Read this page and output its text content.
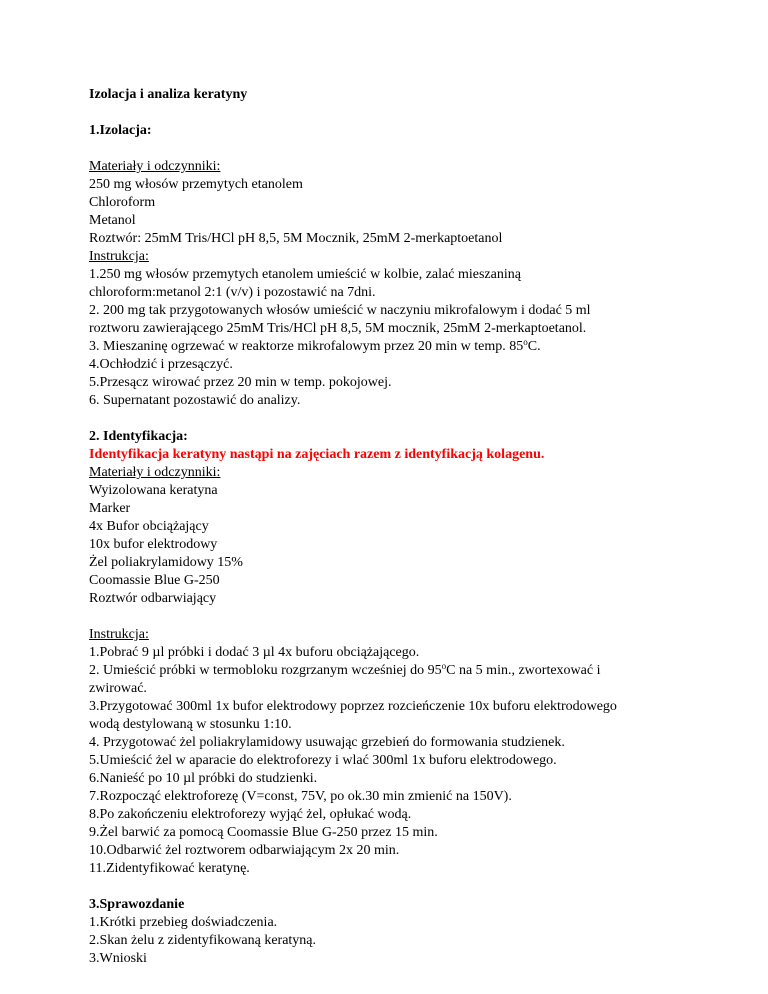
Izolacja i analiza keratyny
1.Izolacja:
Materiały i odczynniki:
250 mg włosów przemytych etanolem
Chloroform
Metanol
Roztwór: 25mM Tris/HCl pH 8,5, 5M Mocznik, 25mM 2-merkaptoetanol
Instrukcja:
1.250 mg włosów przemytych etanolem umieścić w kolbie, zalać mieszaniną
chloroform:metanol 2:1 (v/v) i pozostawić na 7dni.
2. 200 mg tak przygotowanych włosów umieścić w naczyniu mikrofalowym i dodać 5 ml
roztworu zawierającego 25mM Tris/HCl pH 8,5, 5M mocznik, 25mM 2-merkaptoetanol.
3. Mieszaninę ogrzewać w reaktorze mikrofalowym przez 20 min w temp. 85$^o$C.
4.Ochłodzić i przesączyć.
5.Przesącz wirować przez 20 min w temp. pokojowej.
6. Supernatant pozostawić do analizy.
2. Identyfikacja:
Identyfikacja keratyny nastąpi na zajęciach razem z identyfikacją kolagenu.
Materiały i odczynniki:
Wyizolowana keratyna
Marker
4x Bufor obciążający
10x bufor elektrodowy
Żel poliakrylamidowy 15%
Coomassie Blue G-250
Roztwór odbarwiający
Instrukcja:
1.Pobrać 9 µl próbki i dodać 3 µl 4x buforu obciążającego.
2. Umieścić próbki w termobloku rozgrzanym wcześniej do 95$^o$C na 5 min., zwortexować i
zwirować.
3.Przygotować 300ml 1x bufor elektrodowy poprzez rozcieńczenie 10x buforu elektrodowego
wodą destylowaną w stosunku 1:10.
4. Przygotować żel poliakrylamidowy usuwając grzebień do formowania studzienek.
5.Umieścić żel w aparacie do elektroforezy i wlać 300ml 1x buforu elektrodowego.
6.Nanieść po 10 µl próbki do studzienki.
7.Rozpocząć elektroforezę (V=const, 75V, po ok.30 min zmienić na 150V).
8.Po zakończeniu elektroforezy wyjąć żel, opłukać wodą.
9.Żel barwić za pomocą Coomassie Blue G-250 przez 15 min.
10.Odbarwić żel roztworem odbarwiającym 2x 20 min.
11.Zidentyfikować keratynę.
3.Sprawozdanie
1.Krótki przebieg doświadczenia.
2.Skan żelu z zidentyfikowaną keratyną.
3.Wnioski
